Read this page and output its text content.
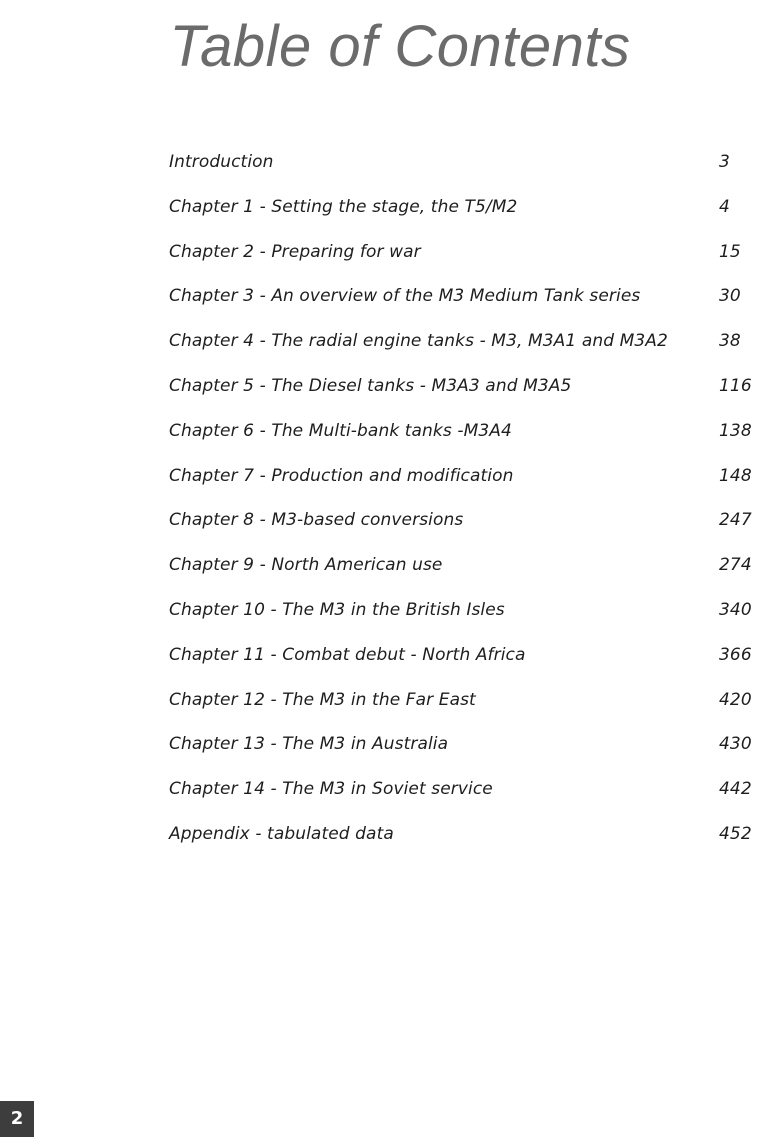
Table of Contents
Introduction	3
Chapter 1 - Setting the stage, the T5/M2	4
Chapter 2 - Preparing for war	15
Chapter 3 - An overview of the M3 Medium Tank series	30
Chapter 4 - The radial engine tanks - M3, M3A1 and M3A2	38
Chapter 5 - The Diesel tanks - M3A3 and M3A5	116
Chapter 6 - The Multi-bank tanks -M3A4	138
Chapter 7 - Production and modification	148
Chapter 8 - M3-based conversions	247
Chapter 9 - North American use	274
Chapter 10 - The M3 in the British Isles	340
Chapter 11 - Combat debut - North Africa	366
Chapter 12 - The M3 in the Far East	420
Chapter 13 - The M3 in Australia	430
Chapter 14 - The M3 in Soviet service	442
Appendix - tabulated data	452
2
